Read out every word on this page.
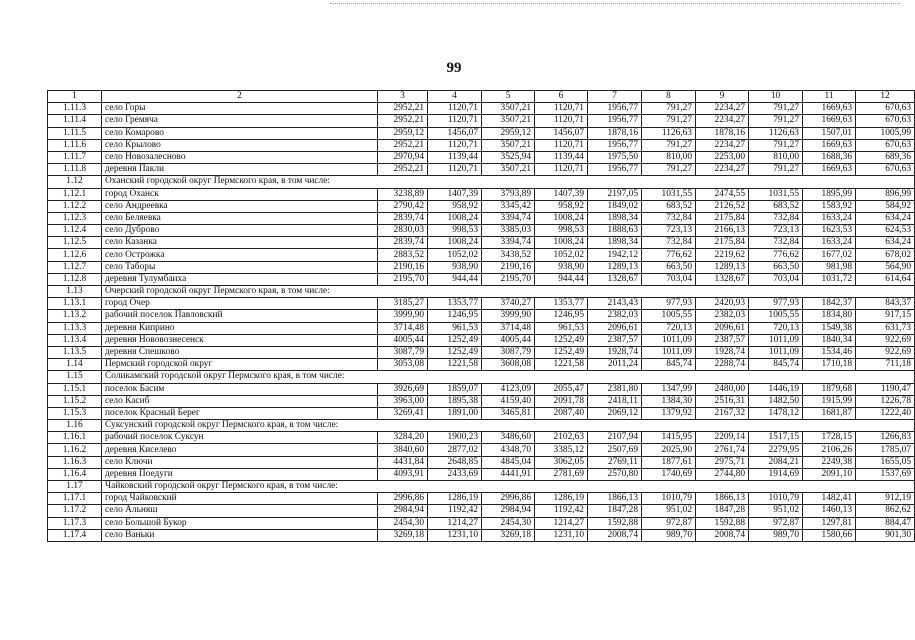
99
1	2	3	4	5	6	7	8	9	10	11	12
1.11.3	село Горы	2952,21	1120,71	3507,21	1120,71	1956,77	791,27	2234,27	791,27	1669,63	670,63
1.11.4	село Гремяча	2952,21	1120,71	3507,21	1120,71	1956,77	791,27	2234,27	791,27	1669,63	670,63
1.11.5	село Комарово	2959,12	1456,07	2959,12	1456,07	1878,16	1126,63	1878,16	1126,63	1507,01	1005,99
1.11.6	село Крылово	2952,21	1120,71	3507,21	1120,71	1956,77	791,27	2234,27	791,27	1669,63	670,63
1.11.7	село Новозалесново	2970,94	1139,44	3525,94	1139,44	1975,50	810,00	2253,00	810,00	1688,36	689,36
1.11.8	деревня Пакли	2952,21	1120,71	3507,21	1120,71	1956,77	791,27	2234,27	791,27	1669,63	670,63
1.12	Оханский городской округ Пермского края, в том числе:										
1.12.1	город Оханск	3238,89	1407,39	3793,89	1407,39	2197,05	1031,55	2474,55	1031,55	1895,99	896,99
1.12.2	село Андреевка	2790,42	958,92	3345,42	958,92	1849,02	683,52	2126,52	683,52	1583,92	584,92
1.12.3	село Беляевка	2839,74	1008,24	3394,74	1008,24	1898,34	732,84	2175,84	732,84	1633,24	634,24
1.12.4	село Дуброво	2830,03	998,53	3385,03	998,53	1888,63	723,13	2166,13	723,13	1623,53	624,53
1.12.5	село Казанка	2839,74	1008,24	3394,74	1008,24	1898,34	732,84	2175,84	732,84	1633,24	634,24
1.12.6	село Острожка	2883,52	1052,02	3438,52	1052,02	1942,12	776,62	2219,62	776,62	1677,02	678,02
1.12.7	село Таборы	2190,16	938,90	2190,16	938,90	1289,13	663,50	1289,13	663,50	981,98	564,90
1.12.8	деревня Тулумбаиха	2195,70	944,44	2195,70	944,44	1328,67	703,04	1328,67	703,04	1031,72	614,64
1.13	Очерский городской округ Пермского края, в том числе:										
1.13.1	город Очер	3185,27	1353,77	3740,27	1353,77	2143,43	977,93	2420,93	977,93	1842,37	843,37
1.13.2	рабочий поселок Павловский	3999,90	1246,95	3999,90	1246,95	2382,03	1005,55	2382,03	1005,55	1834,80	917,15
1.13.3	деревня Киприно	3714,48	961,53	3714,48	961,53	2096,61	720,13	2096,61	720,13	1549,38	631,73
1.13.4	деревня Нововознесенск	4005,44	1252,49	4005,44	1252,49	2387,57	1011,09	2387,57	1011,09	1840,34	922,69
1.13.5	деревня Спешково	3087,79	1252,49	3087,79	1252,49	1928,74	1011,09	1928,74	1011,09	1534,46	922,69
1.14	Пермский городской округ	3053,08	1221,58	3608,08	1221,58	2011,24	845,74	2288,74	845,74	1710,18	711,18
1.15	Соликамский городской округ Пермского края, в том числе:										
1.15.1	поселок Басим	3926,69	1859,07	4123,09	2055,47	2381,80	1347,99	2480,00	1446,19	1879,68	1190,47
1.15.2	село Касиб	3963,00	1895,38	4159,40	2091,78	2418,11	1384,30	2516,31	1482,50	1915,99	1226,78
1.15.3	поселок Красный Берег	3269,41	1891,00	3465,81	2087,40	2069,12	1379,92	2167,32	1478,12	1681,87	1222,40
1.16	Суксунский городской округ Пермского края, в том числе:										
1.16.1	рабочий поселок Суксун	3284,20	1900,23	3486,60	2102,63	2107,94	1415,95	2209,14	1517,15	1728,15	1266,83
1.16.2	деревня Киселево	3840,60	2877,02	4348,70	3385,12	2507,69	2025,90	2761,74	2279,95	2106,26	1785,07
1.16.3	село Ключи	4431,84	2648,85	4845,04	3062,05	2769,11	1877,61	2975,71	2084,21	2249,38	1655,05
1.16.4	деревня Поедуги	4093,91	2433,69	4441,91	2781,69	2570,80	1740,69	2744,80	1914,69	2091,10	1537,69
1.17	Чайковский городской округ Пермского края, в том числе:										
1.17.1	город Чайковский	2996,86	1286,19	2996,86	1286,19	1866,13	1010,79	1866,13	1010,79	1482,41	912,19
1.17.2	село Альняш	2984,94	1192,42	2984,94	1192,42	1847,28	951,02	1847,28	951,02	1460,13	862,62
1.17.3	село Большой Букор	2454,30	1214,27	2454,30	1214,27	1592,88	972,87	1592,88	972,87	1297,81	884,47
1.17.4	село Ваньки	3269,18	1231,10	3269,18	1231,10	2008,74	989,70	2008,74	989,70	1580,66	901,30
